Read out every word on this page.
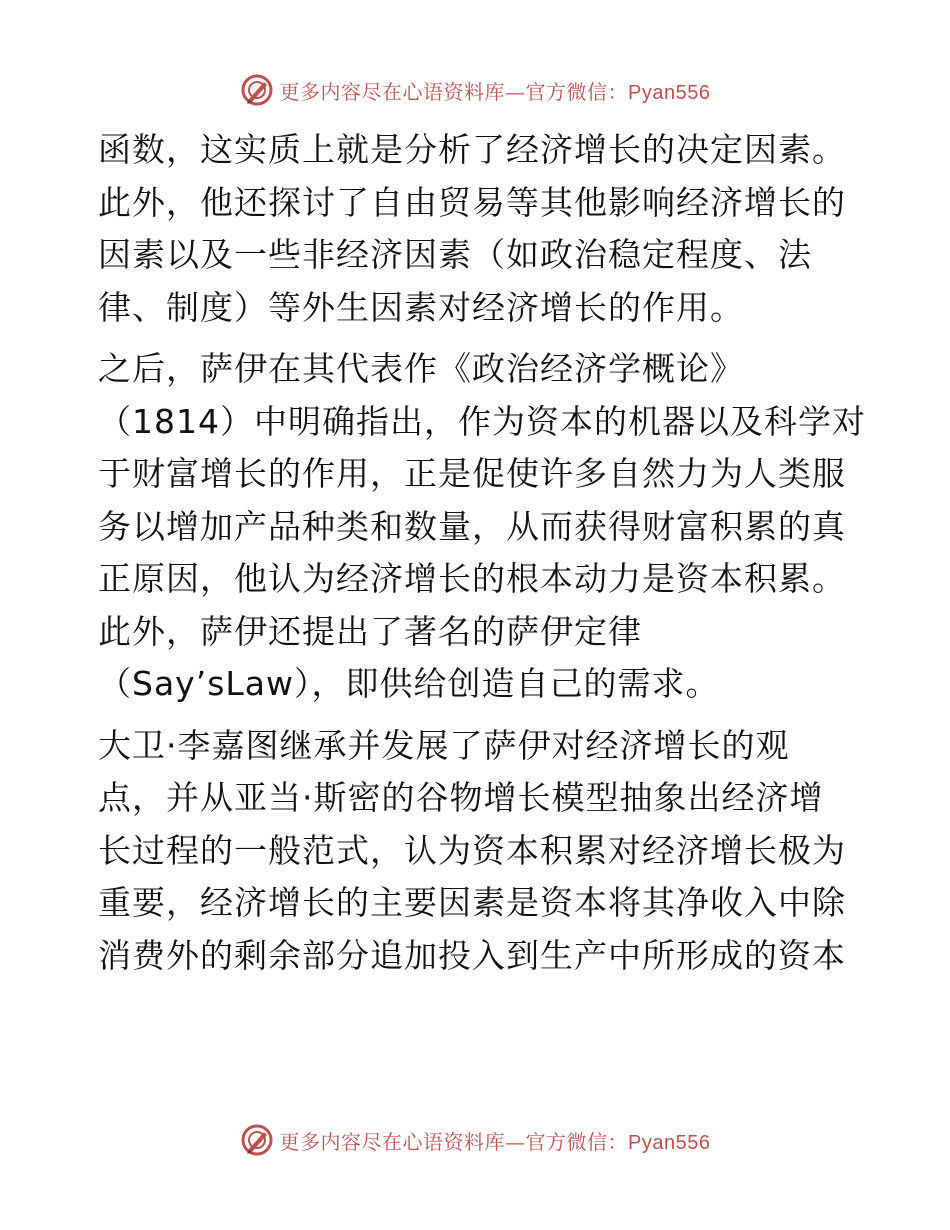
更多内容尽在心语资料库—官方微信：Pyan556
函数，这实质上就是分析了经济增长的决定因素。
此外，他还探讨了自由贸易等其他影响经济增长的
因素以及一些非经济因素（如政治稳定程度、法
律、制度）等外生因素对经济增长的作用。
之后，萨伊在其代表作《政治经济学概论》
（1814）中明确指出，作为资本的机器以及科学对
于财富增长的作用，正是促使许多自然力为人类服
务以增加产品种类和数量，从而获得财富积累的真
正原因，他认为经济增长的根本动力是资本积累。
此外，萨伊还提出了著名的萨伊定律
（Say’sLaw），即供给创造自己的需求。
大卫·李嘉图继承并发展了萨伊对经济增长的观
点，并从亚当·斯密的谷物增长模型抽象出经济增
长过程的一般范式，认为资本积累对经济增长极为
重要，经济增长的主要因素是资本将其净收入中除
消费外的剩余部分追加投入到生产中所形成的资本
更多内容尽在心语资料库—官方微信：Pyan556
